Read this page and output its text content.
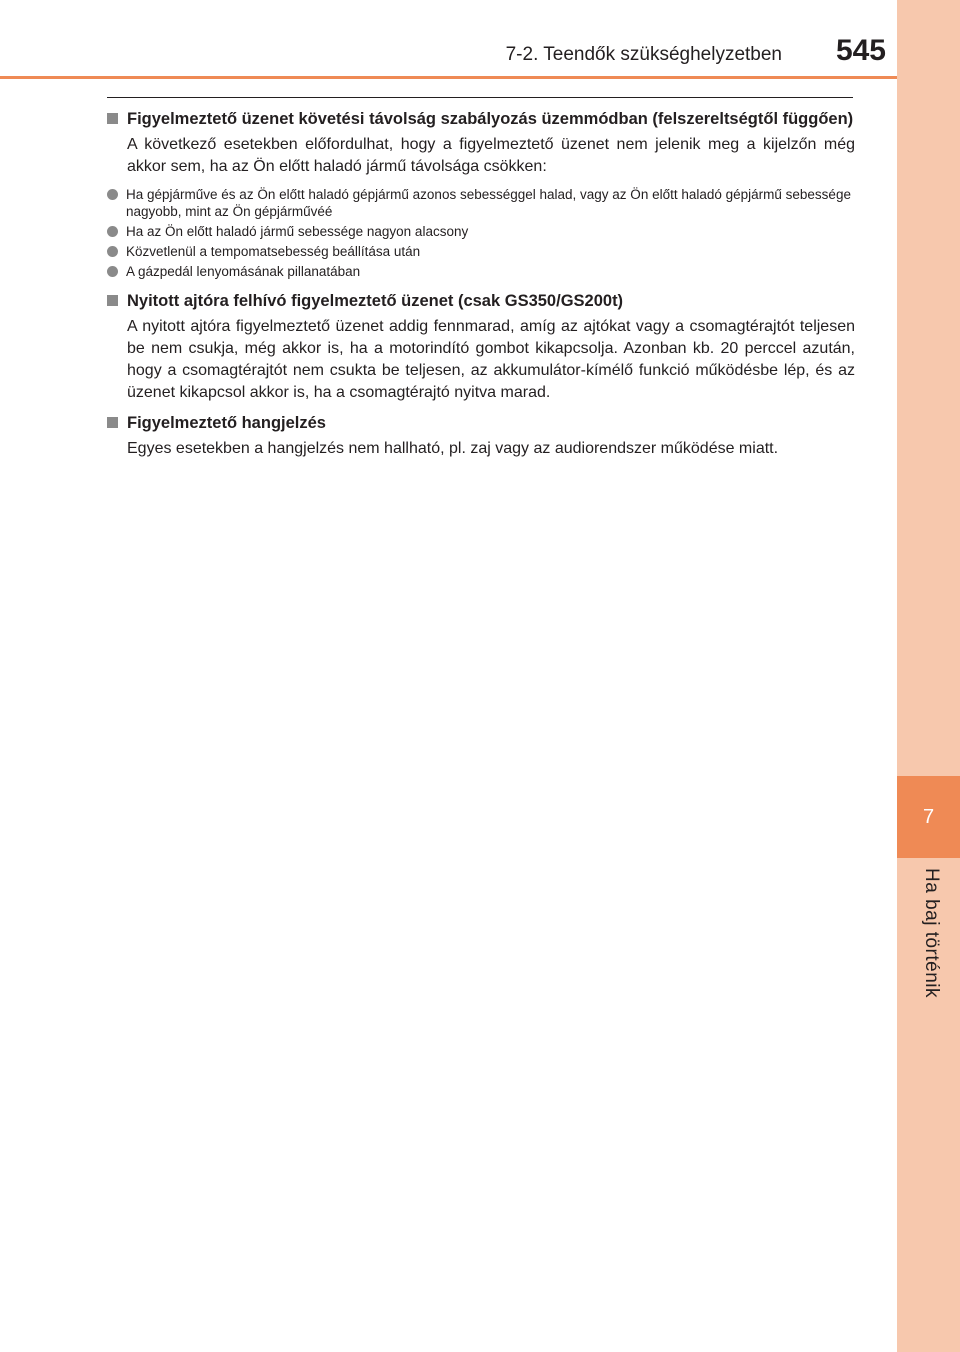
7
Ha baj történik
7-2. Teendők szükséghelyzetben 545
Figyelmeztető üzenet követési távolság szabályozás üzemmódban (felszereltségtől függően)
A következő esetekben előfordulhat, hogy a figyelmeztető üzenet nem jelenik meg a kijelzőn még akkor sem, ha az Ön előtt haladó jármű távolsága csökken:
Ha gépjárműve és az Ön előtt haladó gépjármű azonos sebességgel halad, vagy az Ön előtt haladó gépjármű sebessége nagyobb, mint az Ön gépjárművéé
Ha az Ön előtt haladó jármű sebessége nagyon alacsony
Közvetlenül a tempomatsebesség beállítása után
A gázpedál lenyomásának pillanatában
Nyitott ajtóra felhívó figyelmeztető üzenet (csak GS350/GS200t)
A nyitott ajtóra figyelmeztető üzenet addig fennmarad, amíg az ajtókat vagy a csomagtérajtót teljesen be nem csukja, még akkor is, ha a motorindító gombot kikapcsolja. Azonban kb. 20 perccel azután, hogy a csomagtérajtót nem csukta be teljesen, az akkumulátor-kímélő funkció működésbe lép, és az üzenet kikapcsol akkor is, ha a csomagtérajtó nyitva marad.
Figyelmeztető hangjelzés
Egyes esetekben a hangjelzés nem hallható, pl. zaj vagy az audiorendszer működése miatt.
